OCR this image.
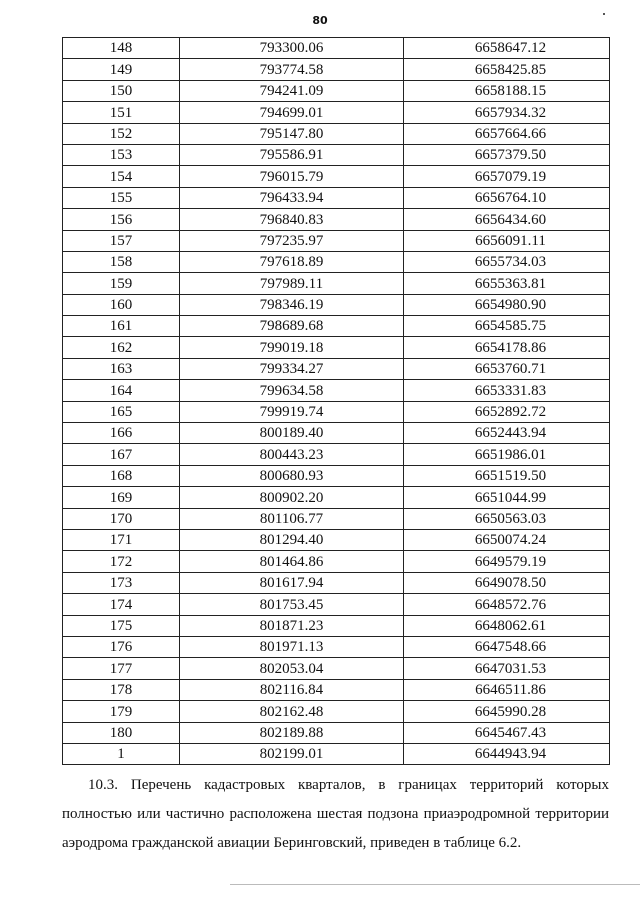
80
148	793300.06	6658647.12
149	793774.58	6658425.85
150	794241.09	6658188.15
151	794699.01	6657934.32
152	795147.80	6657664.66
153	795586.91	6657379.50
154	796015.79	6657079.19
155	796433.94	6656764.10
156	796840.83	6656434.60
157	797235.97	6656091.11
158	797618.89	6655734.03
159	797989.11	6655363.81
160	798346.19	6654980.90
161	798689.68	6654585.75
162	799019.18	6654178.86
163	799334.27	6653760.71
164	799634.58	6653331.83
165	799919.74	6652892.72
166	800189.40	6652443.94
167	800443.23	6651986.01
168	800680.93	6651519.50
169	800902.20	6651044.99
170	801106.77	6650563.03
171	801294.40	6650074.24
172	801464.86	6649579.19
173	801617.94	6649078.50
174	801753.45	6648572.76
175	801871.23	6648062.61
176	801971.13	6647548.66
177	802053.04	6647031.53
178	802116.84	6646511.86
179	802162.48	6645990.28
180	802189.88	6645467.43
1	802199.01	6644943.94
10.3. Перечень кадастровых кварталов, в границах территорий которых полностью или частично расположена шестая подзона приаэродромной территории аэродрома гражданской авиации Беринговский, приведен в таблице 6.2.
